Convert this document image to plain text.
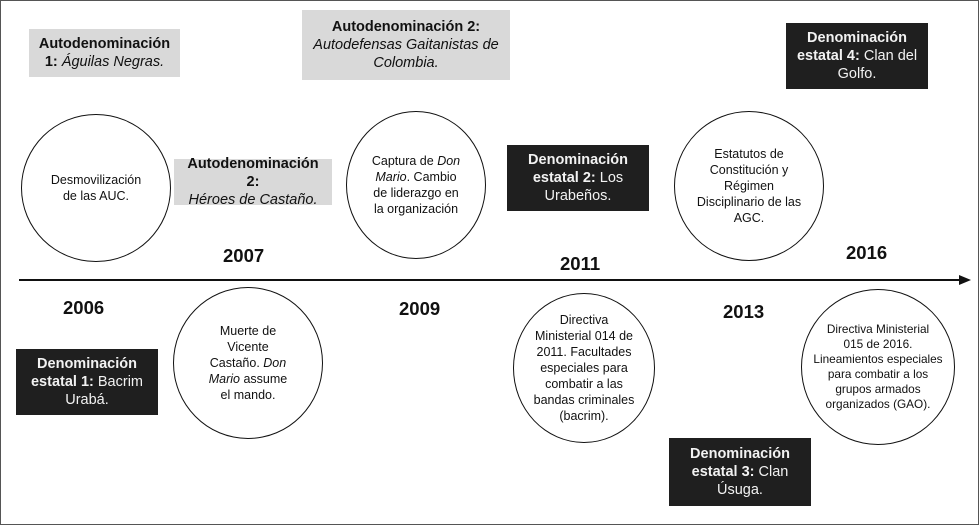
Autodenominación
1: Águilas Negras.
Autodenominación 2:
Héroes de Castaño.
Autodenominación 2:
Autodefensas Gaitanistas de Colombia.
Denominación
estatal 1: Bacrim
Urabá.
Denominación
estatal 2: Los
Urabeños.
Denominación
estatal 3: Clan
Úsuga.
Denominación
estatal 4: Clan del
Golfo.
Desmovilización
de las AUC.
Muerte de
Vicente
Castaño. Don
Mario assume
el mando.
Captura de Don
Mario. Cambio
de liderazgo en
la organización
Directiva
Ministerial 014 de
2011. Facultades
especiales para
combatir a las
bandas criminales
(bacrim).
Estatutos de
Constitución y
Régimen
Disciplinario de las
AGC.
Directiva Ministerial
015 de 2016.
Lineamientos especiales
para combatir a los
grupos armados
organizados (GAO).
2006
2007
2009
2011
2013
2016
